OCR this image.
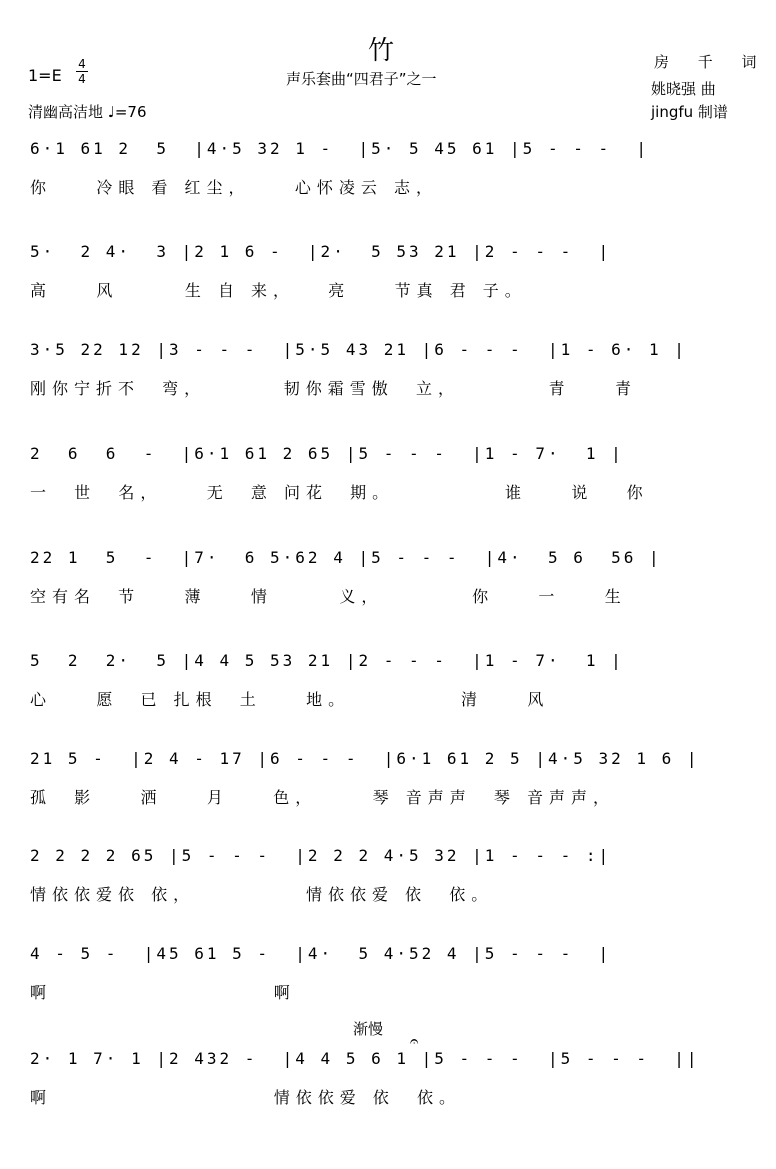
竹
1=E
4
4	声乐套曲“四君子”之一
房 千 词
姚晓强 曲
jingfu 制谱
清幽高洁地 ♩=76
6·1 61 2  5  |4·5 32 1 -  |5· 5 45 61 |5 - - -  |
你    冷眼 看 红尘，    心怀凌云 志，
5·  2 4·  3 |2 1 6 -  |2·  5 53 21 |2 - - -  |
高    风      生 自 来，   亮    节真 君 子。
3·5 22 12 |3 - - -  |5·5 43 21 |6 - - -  |1 - 6· 1 |
刚你宁折不  弯，       韧你霜雪傲  立，        青    青
2  6  6  -  |6·1 61 2 65 |5 - - -  |1 - 7·  1 |
一  世  名，    无  意 问花  期。          谁    说   你
22 1  5  -  |7·  6 5·62 4 |5 - - -  |4·  5 6  56 |
空有名  节    薄    情      义，        你    一    生
5  2  2·  5 |4 4 5 53 21 |2 - - -  |1 - 7·  1 |
心    愿  已 扎根  土    地。          清    风
21 5 -  |2 4 - 17 |6 - - -  |6·1 61 2 5 |4·5 32 1 6 |
孤  影    洒    月    色，     琴 音声声  琴 音声声，
2 2 2 2 65 |5 - - -  |2 2 2 4·5 32 |1 - - - :|
情依依爱依 依，          情依依爱 依  依。
4 - 5 -  |45 61 5 -  |4·  5 4·52 4 |5 - - -  |
啊                    啊
2· 1 7· 1 |2 432 -  |4 4 5 6 1 |5 - - -  |5 - - -  ||
啊                    情依依爱 依  依。
渐慢
𝄐
